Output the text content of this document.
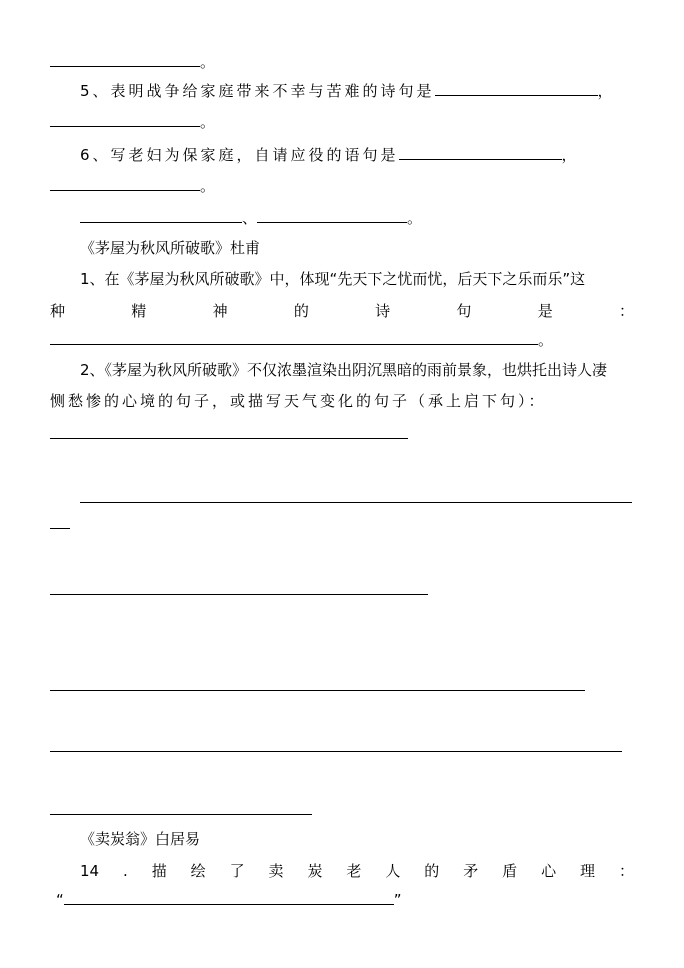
。
5、表明战争给家庭带来不幸与苦难的诗句是	，
。
6、写老妇为保家庭，自请应役的语句是	，
。
、	。
《茅屋为秋风所破歌》杜甫
1、在《茅屋为秋风所破歌》中，体现“先天下之忧而忧，后天下之乐而乐”这
种	精	神	的	诗	句	是	：
。
2、《茅屋为秋风所破歌》不仅浓墨渲染出阴沉黑暗的雨前景象，也烘托出诗人凄
恻愁惨的心境的句子，或描写天气变化的句子（承上启下句）：
《卖炭翁》白居易
14 . 描 绘 了 卖 炭 老 人 的 矛 盾 心 理 ：
“	”
